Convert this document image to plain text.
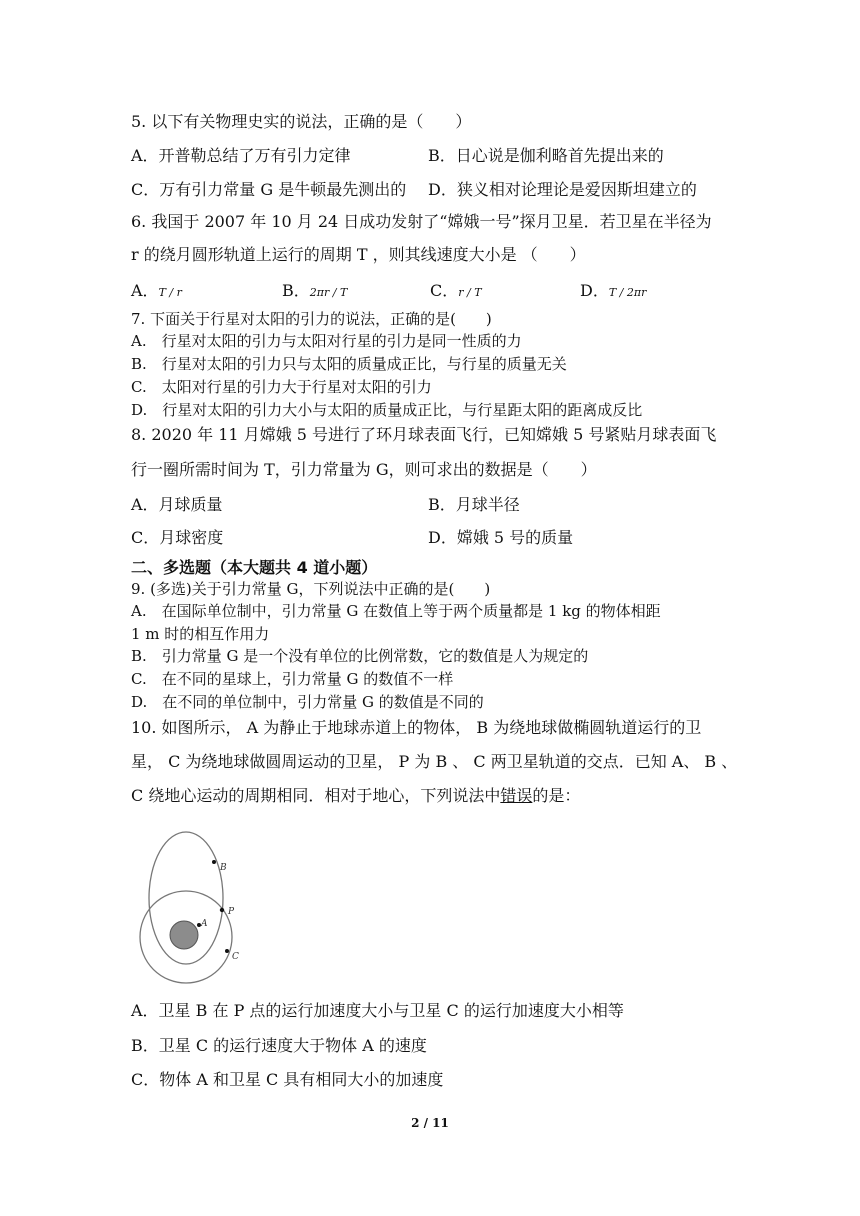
5. 以下有关物理史实的说法，正确的是（　　）
A．开普勒总结了万有引力定律	B．日心说是伽利略首先提出来的
C．万有引力常量 G 是牛顿最先测出的 D．狭义相对论理论是爱因斯坦建立的
6. 我国于 2007 年 10 月 24 日成功发射了“嫦娥一号”探月卫星．若卫星在半径为
r 的绕月圆形轨道上运行的周期 T ，则其线速度大小是 （　　）
A．T / r	B．2πr / T	C．r / T	D．T / 2πr
7. 下面关于行星对太阳的引力的说法，正确的是(　　)
A.　行星对太阳的引力与太阳对行星的引力是同一性质的力
B.　行星对太阳的引力只与太阳的质量成正比，与行星的质量无关
C.　太阳对行星的引力大于行星对太阳的引力
D.　行星对太阳的引力大小与太阳的质量成正比，与行星距太阳的距离成反比
8. 2020 年 11 月嫦娥 5 号进行了环月球表面飞行，已知嫦娥 5 号紧贴月球表面飞
行一圈所需时间为 T，引力常量为 G，则可求出的数据是（　　）
A．月球质量	B．月球半径
C．月球密度	D．嫦娥 5 号的质量
二、多选题（本大题共 4 道小题）
9. (多选)关于引力常量 G，下列说法中正确的是(　　)
A.　在国际单位制中，引力常量 G 在数值上等于两个质量都是 1 kg 的物体相距
1 m 时的相互作用力
B.　引力常量 G 是一个没有单位的比例常数，它的数值是人为规定的
C.　在不同的星球上，引力常量 G 的数值不一样
D.　在不同的单位制中，引力常量 G 的数值是不同的
10. 如图所示， A 为静止于地球赤道上的物体， B 为绕地球做椭圆轨道运行的卫
星， C 为绕地球做圆周运动的卫星， P 为 B 、 C 两卫星轨道的交点．已知 A、 B 、
C 绕地心运动的周期相同．相对于地心，下列说法中错误的是：
A
B
P
C
A．卫星 B 在 P 点的运行加速度大小与卫星 C 的运行加速度大小相等
B．卫星 C 的运行速度大于物体 A 的速度
C．物体 A 和卫星 C 具有相同大小的加速度
2 / 11
